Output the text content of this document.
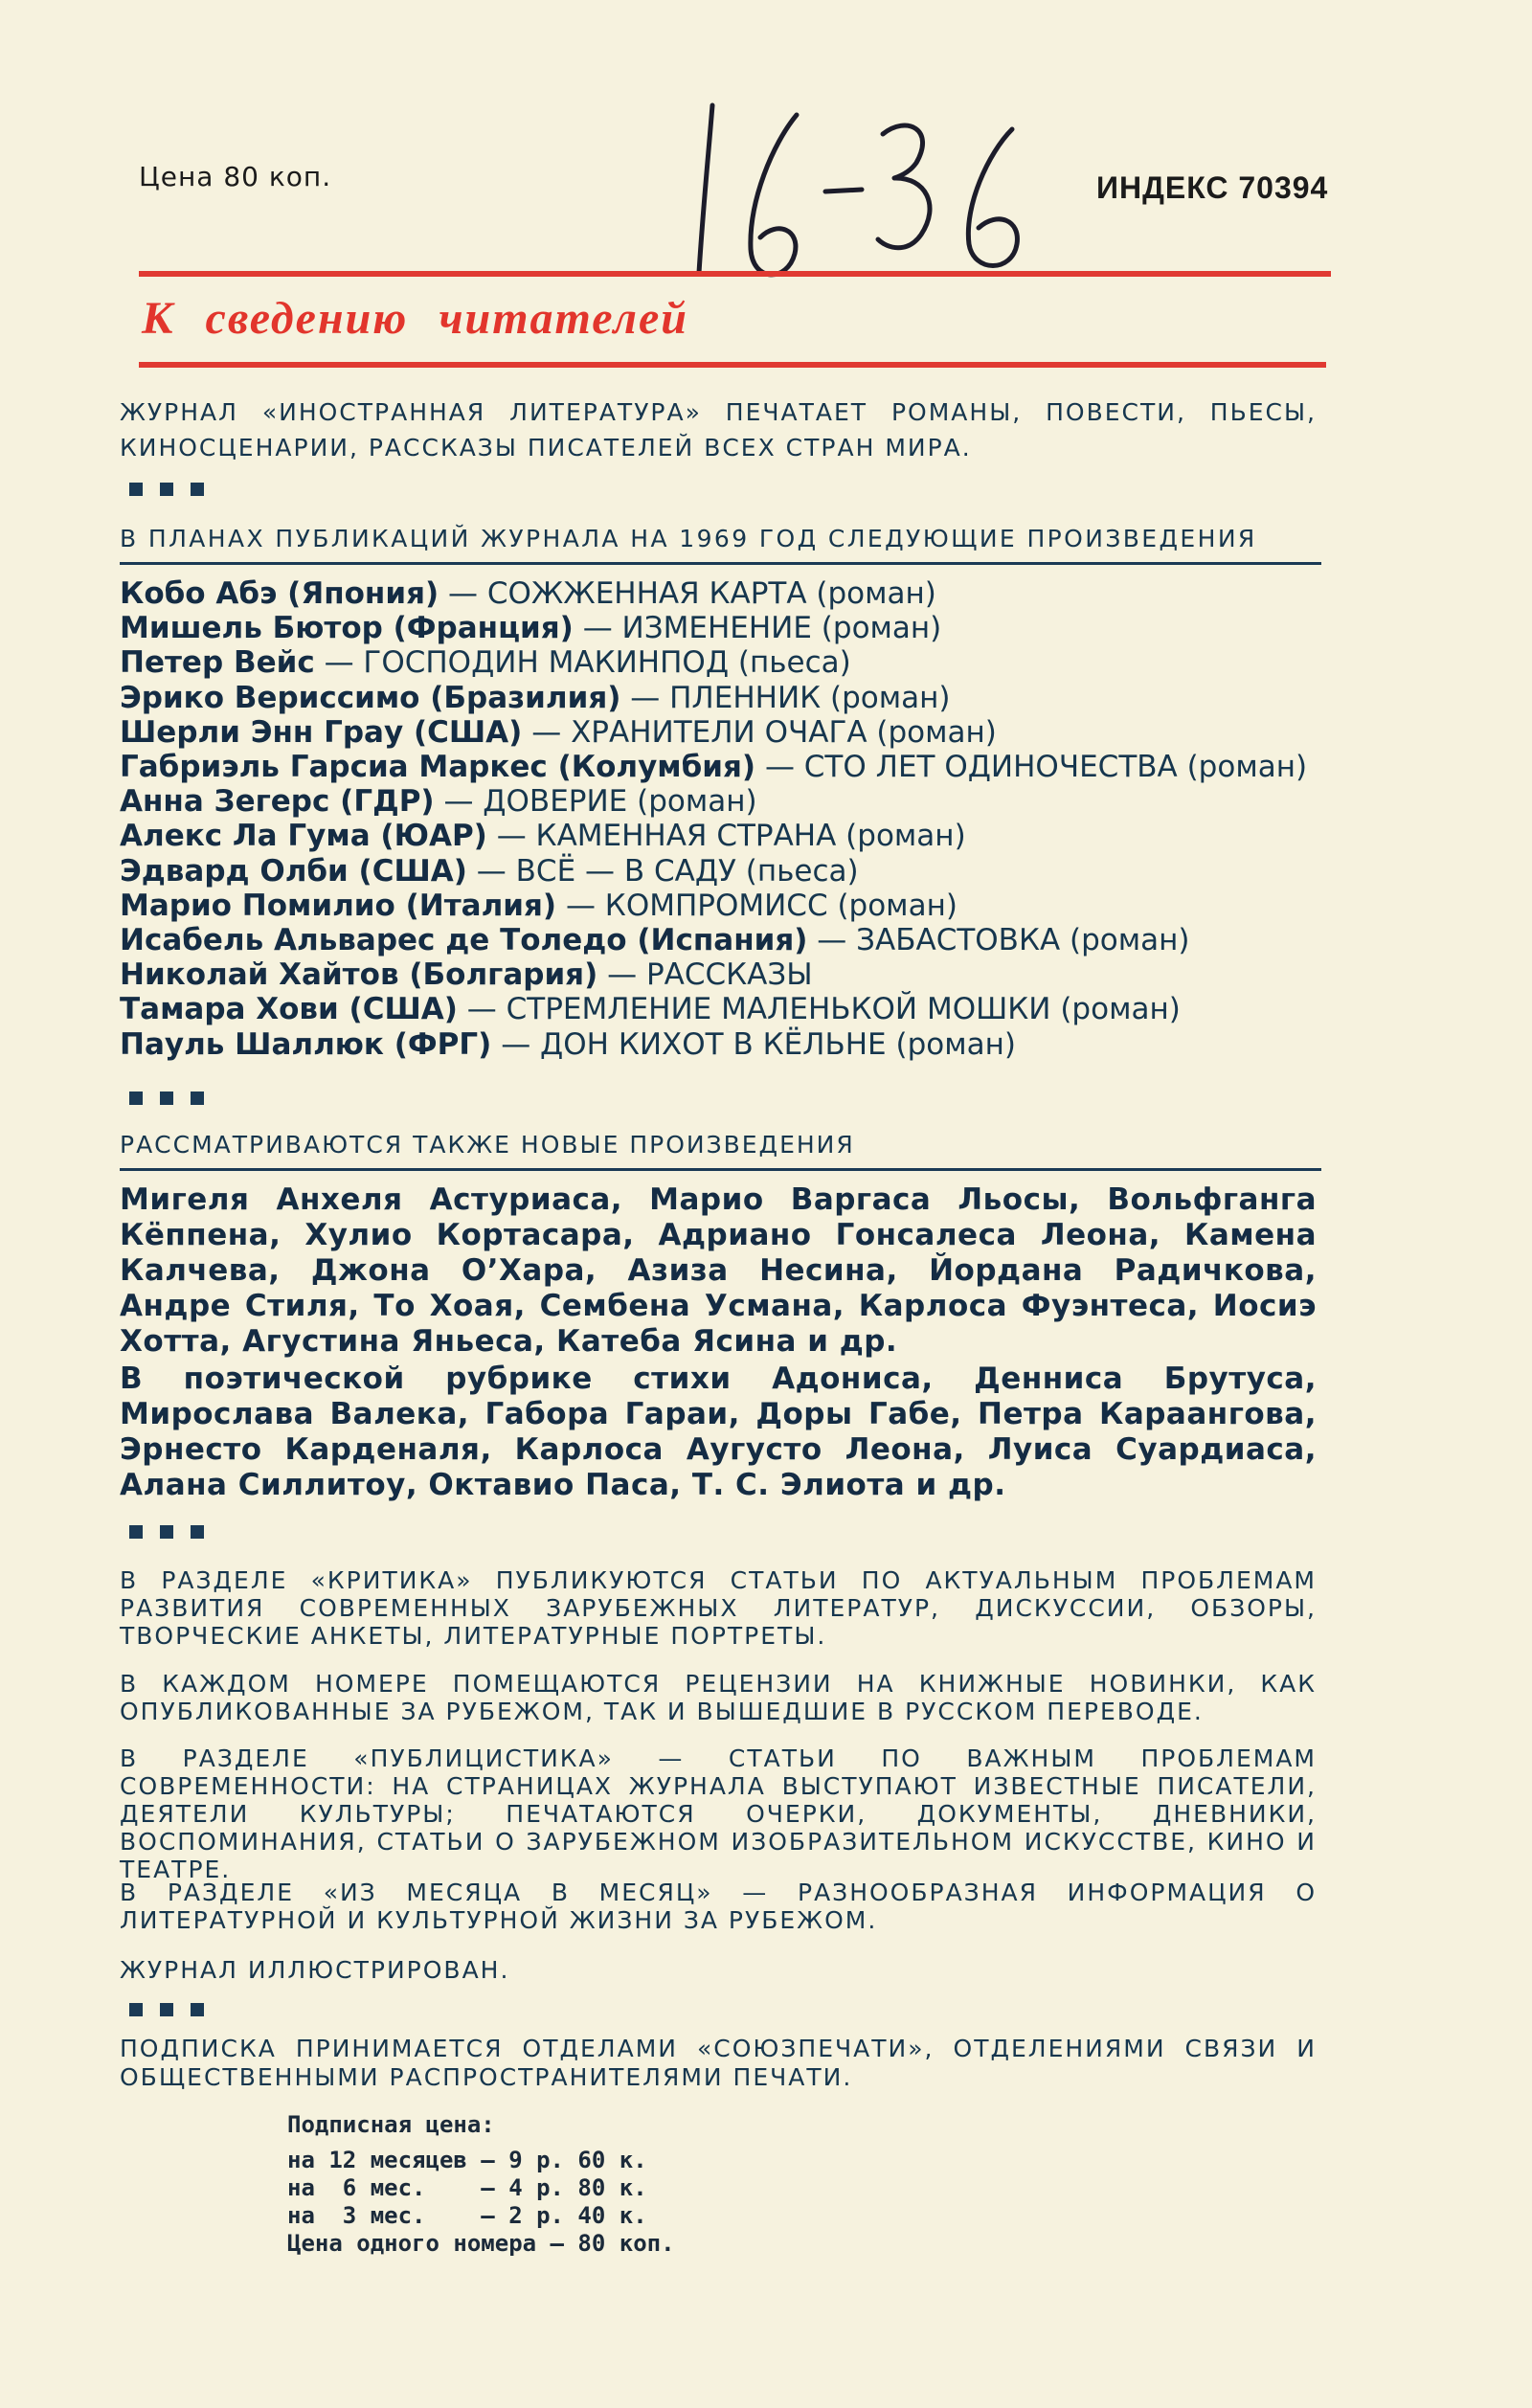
Цена 80 коп.	ИНДЕКС 70394
К сведению читателей
ЖУРНАЛ «ИНОСТРАННАЯ ЛИТЕРАТУРА» ПЕЧАТАЕТ РОМАНЫ, ПОВЕСТИ, ПЬЕСЫ, КИНОСЦЕНАРИИ, РАССКАЗЫ ПИСАТЕЛЕЙ ВСЕХ СТРАН МИРА.
В ПЛАНАХ ПУБЛИКАЦИЙ ЖУРНАЛА НА 1969 ГОД СЛЕДУЮЩИЕ ПРОИЗВЕДЕНИЯ
Кобо Абэ (Япония) — СОЖЖЕННАЯ КАРТА (роман)
Мишель Бютор (Франция) — ИЗМЕНЕНИЕ (роман)
Петер Вейс — ГОСПОДИН МАКИНПОД (пьеса)
Эрико Вериссимо (Бразилия) — ПЛЕННИК (роман)
Шерли Энн Грау (США) — ХРАНИТЕЛИ ОЧАГА (роман)
Габриэль Гарсиа Маркес (Колумбия) — СТО ЛЕТ ОДИНОЧЕСТВА (роман)
Анна Зегерс (ГДР) — ДОВЕРИЕ (роман)
Алекс Ла Гума (ЮАР) — КАМЕННАЯ СТРАНА (роман)
Эдвард Олби (США) — ВСЁ — В САДУ (пьеса)
Марио Помилио (Италия) — КОМПРОМИСС (роман)
Исабель Альварес де Толедо (Испания) — ЗАБАСТОВКА (роман)
Николай Хайтов (Болгария) — РАССКАЗЫ
Тамара Хови (США) — СТРЕМЛЕНИЕ МАЛЕНЬКОЙ МОШКИ (роман)
Пауль Шаллюк (ФРГ) — ДОН КИХОТ В КЁЛЬНЕ (роман)
РАССМАТРИВАЮТСЯ ТАКЖЕ НОВЫЕ ПРОИЗВЕДЕНИЯ
Мигеля Анхеля Астуриаса, Марио Варгаса Льосы, Вольфганга Кёппена, Хулио Кортасара, Адриано Гонсалеса Леона, Камена Калчева, Джона О’Хара, Азиза Несина, Йордана Радичкова, Андре Стиля, То Хоая, Сембена Усмана, Карлоса Фуэнтеса, Иосиэ Хотта, Агустина Яньеса, Катеба Ясина и др.
В поэтической рубрике стихи Адониса, Денниса Брутуса, Мирослава Валека, Габора Гараи, Доры Габе, Петра Караангова, Эрнесто Карденаля, Карлоса Аугусто Леона, Луиса Суардиаса, Алана Силлитоу, Октавио Паса, Т. С. Элиота и др.
В РАЗДЕЛЕ «КРИТИКА» ПУБЛИКУЮТСЯ СТАТЬИ ПО АКТУАЛЬНЫМ ПРОБЛЕМАМ РАЗВИТИЯ СОВРЕМЕННЫХ ЗАРУБЕЖНЫХ ЛИТЕРАТУР, ДИСКУССИИ, ОБЗОРЫ, ТВОРЧЕСКИЕ АНКЕТЫ, ЛИТЕРАТУРНЫЕ ПОРТРЕТЫ.
В КАЖДОМ НОМЕРЕ ПОМЕЩАЮТСЯ РЕЦЕНЗИИ НА КНИЖНЫЕ НОВИНКИ, КАК ОПУБЛИКОВАННЫЕ ЗА РУБЕЖОМ, ТАК И ВЫШЕДШИЕ В РУССКОМ ПЕРЕВОДЕ.
В РАЗДЕЛЕ «ПУБЛИЦИСТИКА» — СТАТЬИ ПО ВАЖНЫМ ПРОБЛЕМАМ СОВРЕМЕННОСТИ: НА СТРАНИЦАХ ЖУРНАЛА ВЫСТУПАЮТ ИЗВЕСТНЫЕ ПИСАТЕЛИ, ДЕЯТЕЛИ КУЛЬТУРЫ; ПЕЧАТАЮТСЯ ОЧЕРКИ, ДОКУМЕНТЫ, ДНЕВНИКИ, ВОСПОМИНАНИЯ, СТАТЬИ О ЗАРУБЕЖНОМ ИЗОБРАЗИТЕЛЬНОМ ИСКУССТВЕ, КИНО И ТЕАТРЕ.
В РАЗДЕЛЕ «ИЗ МЕСЯЦА В МЕСЯЦ» — РАЗНООБРАЗНАЯ ИНФОРМАЦИЯ О ЛИТЕРАТУРНОЙ И КУЛЬТУРНОЙ ЖИЗНИ ЗА РУБЕЖОМ.
ЖУРНАЛ ИЛЛЮСТРИРОВАН.
ПОДПИСКА ПРИНИМАЕТСЯ ОТДЕЛАМИ «СОЮЗПЕЧАТИ», ОТДЕЛЕНИЯМИ СВЯЗИ И ОБЩЕСТВЕННЫМИ РАСПРОСТРАНИТЕЛЯМИ ПЕЧАТИ.
Подписная цена:
на 12 месяцев — 9 р. 60 к.
на  6 мес.    — 4 р. 80 к.
на  3 мес.    — 2 р. 40 к.
Цена одного номера — 80 коп.
